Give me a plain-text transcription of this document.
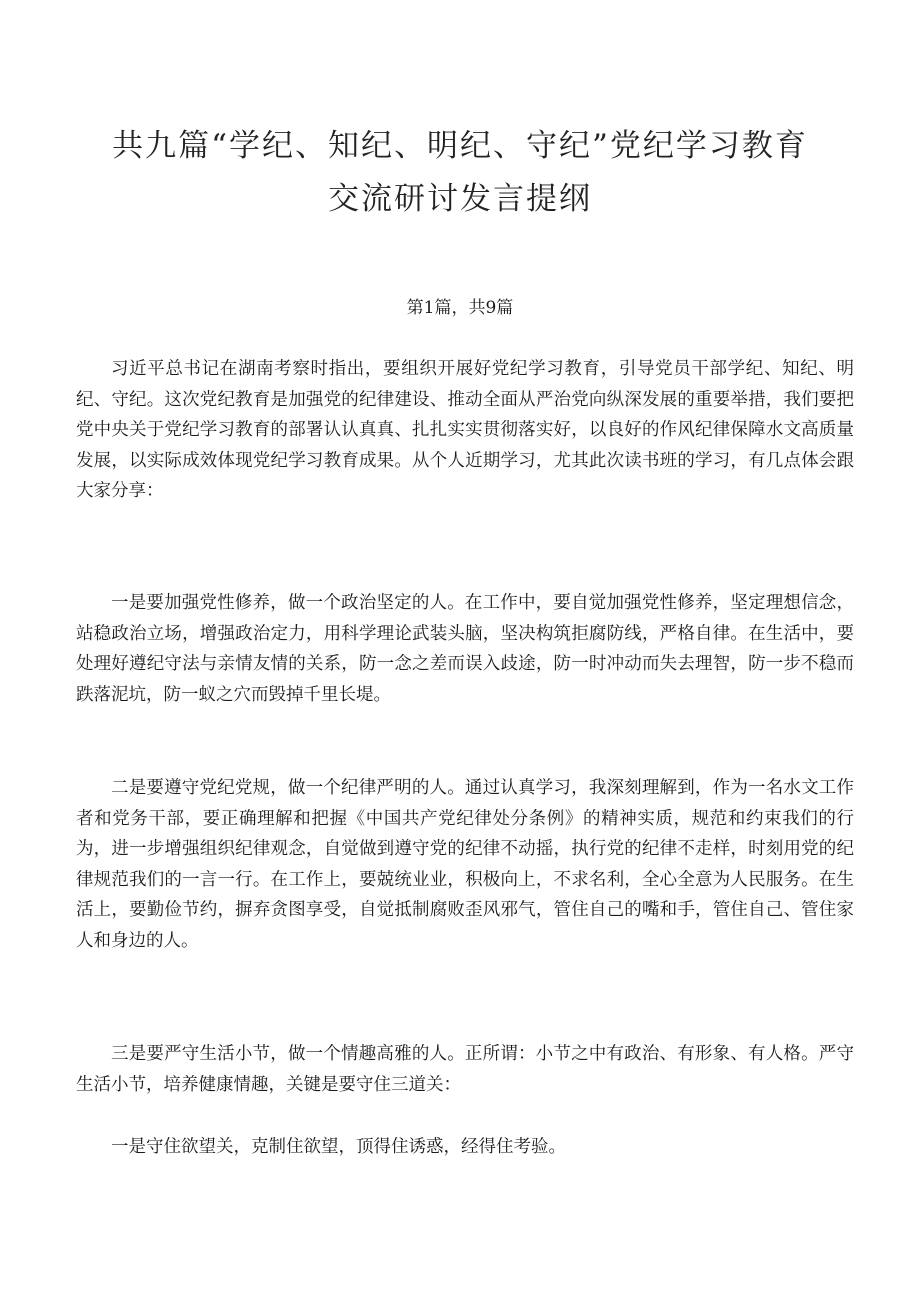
共九篇“学纪、知纪、明纪、守纪”党纪学习教育
交流研讨发言提纲
第1篇，共9篇

习近平总书记在湖南考察时指出，要组织开展好党纪学习教育，引导党员干部学纪、知纪、明纪、守纪。这次党纪教育是加强党的纪律建设、推动全面从严治党向纵深发展的重要举措，我们要把党中央关于党纪学习教育的部署认认真真、扎扎实实贯彻落实好，以良好的作风纪律保障水文高质量发展，以实际成效体现党纪学习教育成果。从个人近期学习，尤其此次读书班的学习，有几点体会跟大家分享：

一是要加强党性修养，做一个政治坚定的人。在工作中，要自觉加强党性修养，坚定理想信念，站稳政治立场，增强政治定力，用科学理论武装头脑，坚决构筑拒腐防线，严格自律。在生活中，要处理好遵纪守法与亲情友情的关系，防一念之差而误入歧途，防一时冲动而失去理智，防一步不稳而跌落泥坑，防一蚁之穴而毁掉千里长堤。

二是要遵守党纪党规，做一个纪律严明的人。通过认真学习，我深刻理解到，作为一名水文工作者和党务干部，要正确理解和把握《中国共产党纪律处分条例》的精神实质，规范和约束我们的行为，进一步增强组织纪律观念，自觉做到遵守党的纪律不动摇，执行党的纪律不走样，时刻用党的纪律规范我们的一言一行。在工作上，要兢统业业，积极向上，不求名利，全心全意为人民服务。在生活上，要勤俭节约，摒弃贪图享受，自觉抵制腐败歪风邪气，管住自己的嘴和手，管住自己、管住家人和身边的人。

三是要严守生活小节，做一个情趣高雅的人。正所谓：小节之中有政治、有形象、有人格。严守生活小节，培养健康情趣，关键是要守住三道关：

一是守住欲望关，克制住欲望，顶得住诱惑，经得住考验。
